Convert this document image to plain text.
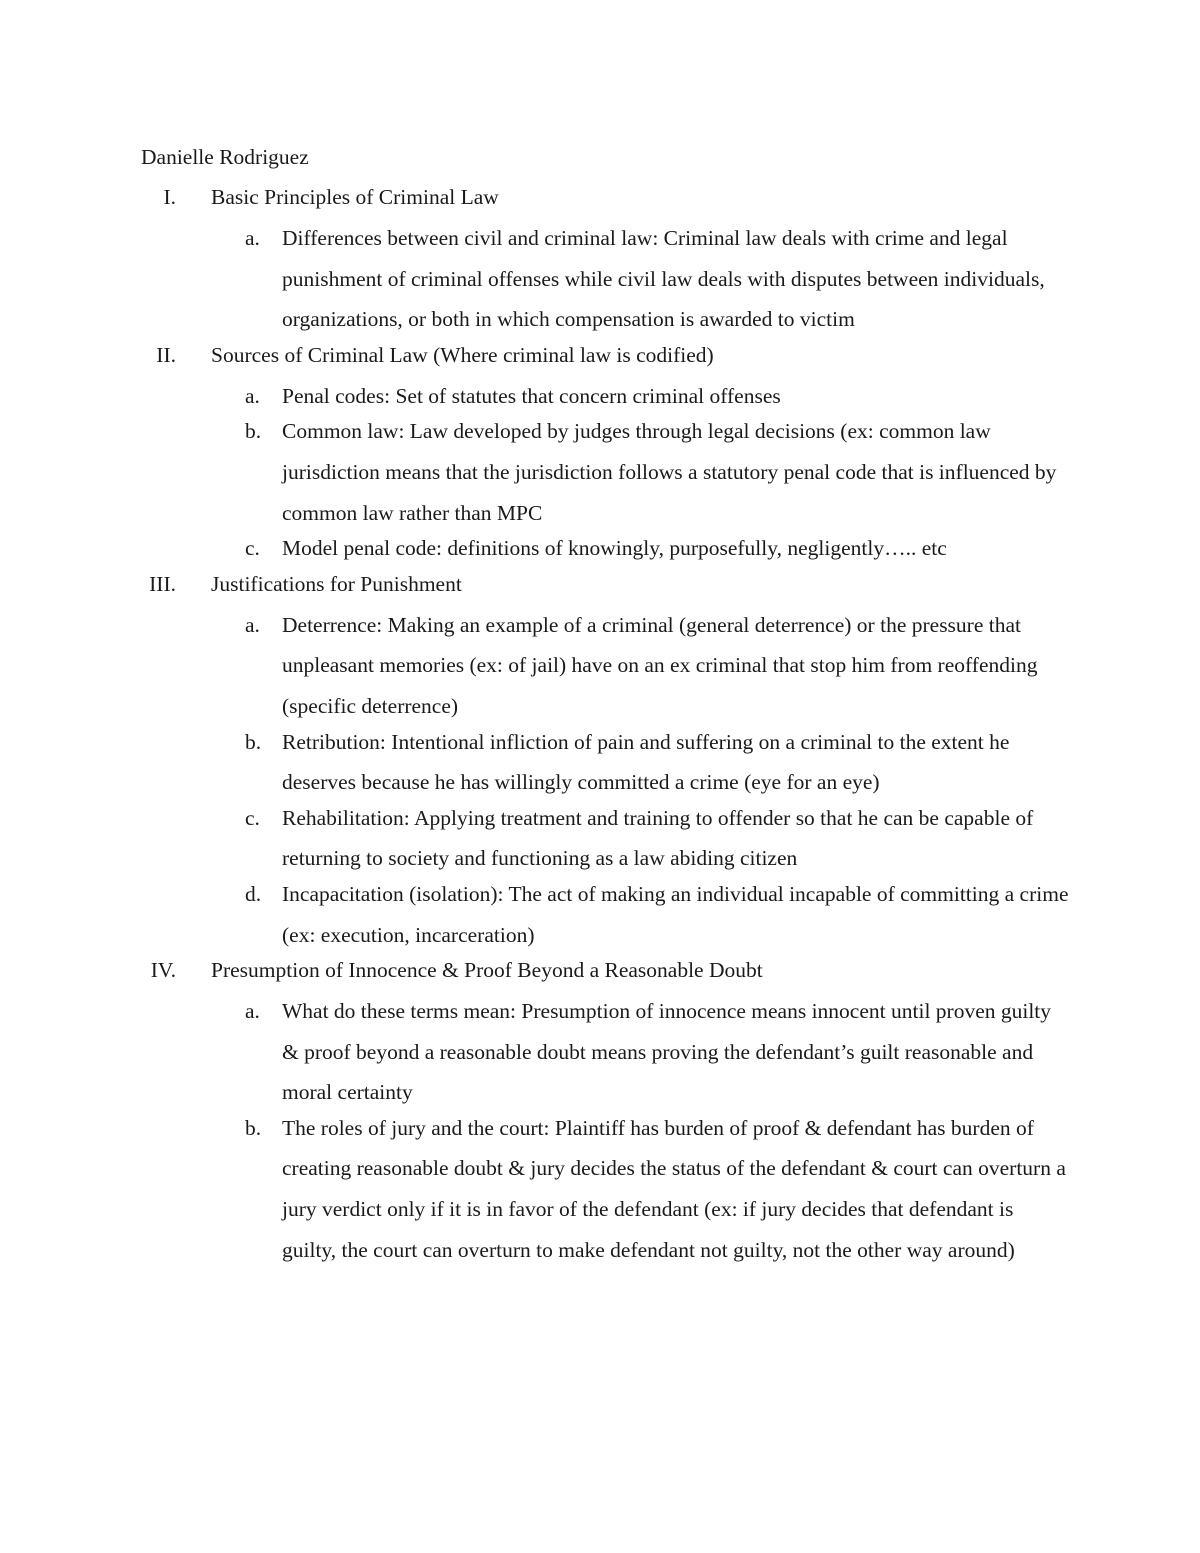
Danielle Rodriguez
I. Basic Principles of Criminal Law
a. Differences between civil and criminal law: Criminal law deals with crime and legal punishment of criminal offenses while civil law deals with disputes between individuals, organizations, or both in which compensation is awarded to victim
II. Sources of Criminal Law (Where criminal law is codified)
a. Penal codes: Set of statutes that concern criminal offenses
b. Common law: Law developed by judges through legal decisions (ex: common law jurisdiction means that the jurisdiction follows a statutory penal code that is influenced by common law rather than MPC
c. Model penal code: definitions of knowingly, purposefully, negligently….. etc
III. Justifications for Punishment
a. Deterrence: Making an example of a criminal (general deterrence) or the pressure that unpleasant memories (ex: of jail) have on an ex criminal that stop him from reoffending (specific deterrence)
b. Retribution: Intentional infliction of pain and suffering on a criminal to the extent he deserves because he has willingly committed a crime (eye for an eye)
c. Rehabilitation: Applying treatment and training to offender so that he can be capable of returning to society and functioning as a law abiding citizen
d. Incapacitation (isolation): The act of making an individual incapable of committing a crime (ex: execution, incarceration)
IV. Presumption of Innocence & Proof Beyond a Reasonable Doubt
a. What do these terms mean: Presumption of innocence means innocent until proven guilty & proof beyond a reasonable doubt means proving the defendant’s guilt reasonable and moral certainty
b. The roles of jury and the court: Plaintiff has burden of proof & defendant has burden of creating reasonable doubt & jury decides the status of the defendant & court can overturn a jury verdict only if it is in favor of the defendant (ex: if jury decides that defendant is guilty, the court can overturn to make defendant not guilty, not the other way around)
